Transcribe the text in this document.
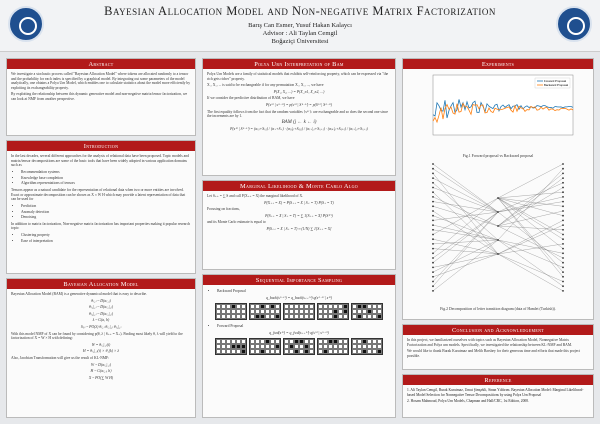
Bayesian Allocation Model and Non-negative Matrix Factorization
Barış Can Esmer, Yusuf Hakan Kalaycı
Advisor : Ali Taylan Cemgil
Boğaziçi Üniversitesi
Abstract

We investigate a stochastic process called "Bayesian Allocation Model" where tokens are allocated randomly to a tensor and the probability for each index is specified by a graphical model. By integrating out some parameters of the model analytically, one obtains a Polya Urn Model, which enables one to calculate statistics about the model more efficiently by exploiting its exchangeability property.

By exploiting the relationship between this dynamic generative model and non-negative matrix/tensor factorization, we can look at NMF from another perspective.

Introduction

In the last decades, several different approaches for the analysis of relational data have been proposed. Topic models and matrix/tensor decompositions are some of the basic tools that have been widely adopted in various application domains such as

• Recommendation systems
• Knowledge base completion
• Algorithm representations of tensors

Tensors appear as a natural candidate for the representation of relational data when two or more entities are involved. Exact or approximate decomposition can be shown as X ≈ W H which may provide a latent representation of data that can be used for

• Prediction
• Anomaly detection
• Denoising

In addition to matrix factorization, Non-negative matrix factorization has important properties making it popular research topic:

• Clustering property
• Ease of interpretation
Bayesian Allocation Model

Bayesian Allocation Model (BAM) is a generative dynamical model that is easy to describe.

θ₍₁₎ ~ D(α₍₁₎)
θ₍₂|₁₎ ~ D(α₍₂|₁₎)
θ₍₃|₁₎ ~ D(α₍₃|₁₎)
λ ~ G(a, b)
S₍ᵢ₎ ~ PO(λ) θ₍₁₎ θ₍₂|₁₎ θ₍₃|₁₎

With this model NMF of X can be found by considering p(θ, λ | S₊₊ = X₊). Finding most likely θ, λ will yield to the factorization of X = W × H with defining:

W = θ₍₂|₁₎(i)
H = θ₍₂|₁₎(i) × θ₁(k) × λ

Also, Jacobian Transformation will give us the result of KL-NMF:

W ~ D(α₍₂|₁₎)
H ~ G(α₍₁₎, b)
X ~ PO(∑ W H)
Polya Urn Interpretation of Bam

Polya Urn Models are a family of statistical models that exhibits self-reinforcing property, which can be expressed via "the rich gets richer" property.

X₁, X₂, ... is said to be exchangeable if for any permutation X₁, X₂, ..., we have

P(X₁, X₂, ...) = P(X_π1, X_π2, ...)

If we consider the predictive distribution of BAM, we have

P(s⁽ᵗ⁾ | s⁽ᵗ⁻¹⁾) = p(s⁽ᵗ⁾ | S⁽ᵗ⁻¹⁾) = p(S⁽ᵗ⁾ | S⁽ᵗ⁻¹⁾)

The first equality follows from the fact that the random variables {s⁽ᵗ⁾}ₜ are exchangeable and so does the second one since the increments are by 1.

BAM (j ← k ← i)
P(s⁽ᵗ⁾ | S⁽ᵗ⁻¹⁾) = (α₍ᵢ₎+S₍ᵢ₎) / (α₊+S₊) · (α₍ⱼ|ᵢ₎+S₍ᵢⱼ₎) / (α₍₊|ᵢ₎+S₍ᵢ₊₎) · (α₍ₖ|ᵢ₎+S₍ᵢₖ₎) / (α₍₊|ᵢ₎+S₍ᵢ₊₎)
Marginal Likelihood & Monte Carlo Algo

Let S₊₊ = ∑ S and call P(X₊₊ = X) the marginal likelihood of X.

P(X₊₊ = X) = P(S₊₊ = X | S₊ = T) P(S₊ = T)

Focusing on fractions,

P(S₊₊ = X | S₊ = T) = ∑ 1[S₊₊ = X] P(S⁽ᵀ⁾)

and its Monte Carlo estimate is equal to

P(S₊₊ = X | S₊ = T) ≈ (1/N) ∑ 1[S₊₊ = X]
Sequential Importance Sampling
• Backward Proposal
q_back(s⁽ᵗ⁻¹⁾) = q_back(s₊₊⁽ᵗ⁾) q(s⁽ᵗ⁻¹⁾ | s⁽ᵗ⁾)
• Forward Proposal
q_fwd(s⁽ᵗ⁾) = q_fwd(s₊₊⁽ᵗ⁾) q(s⁽ᵗ⁾ | s⁽ᵗ⁻¹⁾)
Experiments
Forward Proposal
Backward Proposal
Fig.1 Forward proposal vs Backward proposal
Fig.2 Decomposition of letter transition diagram (data of Hamlet (Turkish)).
Conclusion and Acknowledgement

In this project, we familiarized ourselves with topics such as Bayesian Allocation Model, Nonnegative Matrix Factorization and Polya urn models. Specifically, we investigated the relationship between KL-NMF and BAM.

We would like to thank Burak Kurutmaz and Melih Barsbey for their generous time and efforts that made this project possible.

Reference
1. Ali Taylan Cemgil, Burak Kurutmaz, Umut Şimşekli, Sinan Yıldırım. Bayesian Allocation Model: Marginal Likelihood-based Model Selection for Nonnegative Tensor Decompositions by using Polya Urn Proposal
2. Hosam Mahmoud, Polya Urn Models, Chapman and Hall/CRC, 1st Edition, 2008.
